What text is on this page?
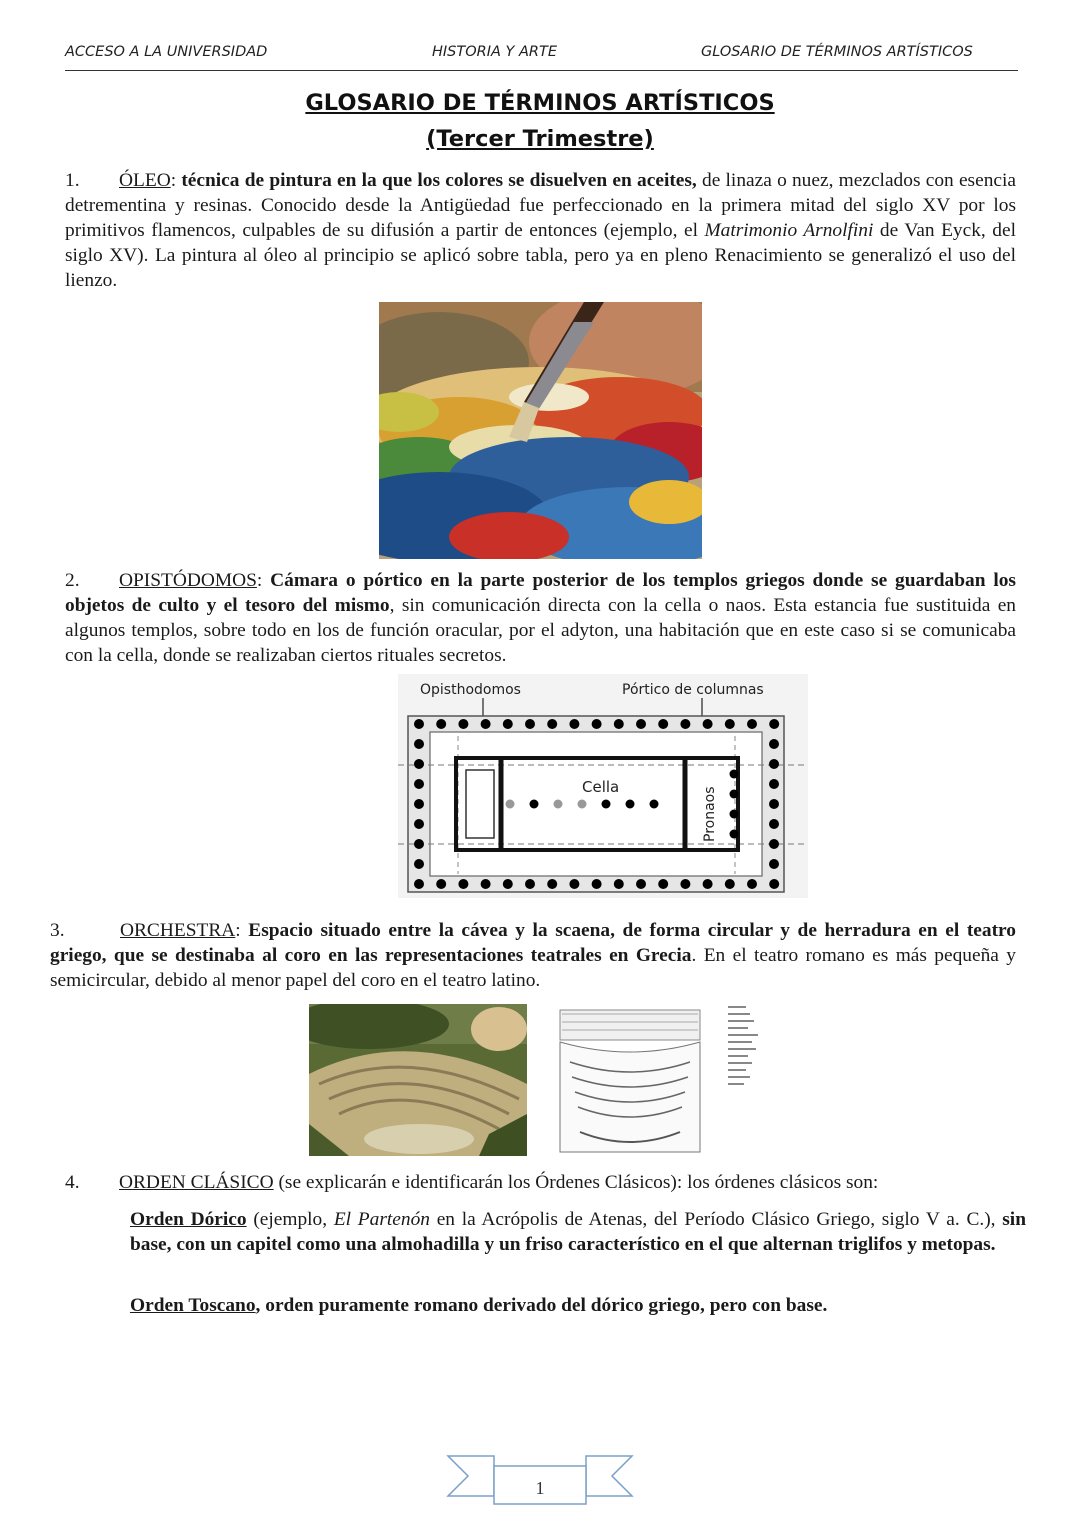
ACCESO A LA UNIVERSIDAD	HISTORIA Y ARTE	GLOSARIO DE TÉRMINOS ARTÍSTICOS
GLOSARIO DE TÉRMINOS ARTÍSTICOS
(Tercer Trimestre)
1. ÓLEO: técnica de pintura en la que los colores se disuelven en aceites, de linaza o nuez, mezclados con esencia detrementina y resinas. Conocido desde la Antigüedad fue perfeccionado en la primera mitad del siglo XV por los primitivos flamencos, culpables de su difusión a partir de entonces (ejemplo, el Matrimonio Arnolfini de Van Eyck, del siglo XV). La pintura al óleo al principio se aplicó sobre tabla, pero ya en pleno Renacimiento se generalizó el uso del lienzo.
2. OPISTÓDOMOS: Cámara o pórtico en la parte posterior de los templos griegos donde se guardaban los objetos de culto y el tesoro del mismo, sin comunicación directa con la cella o naos. Esta estancia fue sustituida en algunos templos, sobre todo en los de función oracular, por el adyton, una habitación que en este caso si se comunicaba con la cella, donde se realizaban ciertos rituales secretos.
Opisthodomos	Pórtico de columnas
Cella	Pronaos
3.	ORCHESTRA: Espacio situado entre la cávea y la scaena, de forma circular y de herradura en el teatro griego, que se destinaba al coro en las representaciones teatrales en Grecia. En el teatro romano es más pequeña y semicircular, debido al menor papel del coro en el teatro latino.
4. ORDEN CLÁSICO (se explicarán e identificarán los Órdenes Clásicos): los órdenes clásicos son:
Orden Dórico (ejemplo, El Partenón en la Acrópolis de Atenas, del Período Clásico Griego, siglo V a. C.), sin base, con un capitel como una almohadilla y un friso característico en el que alternan triglifos y metopas.
Orden Toscano, orden puramente romano derivado del dórico griego, pero con base.
1
